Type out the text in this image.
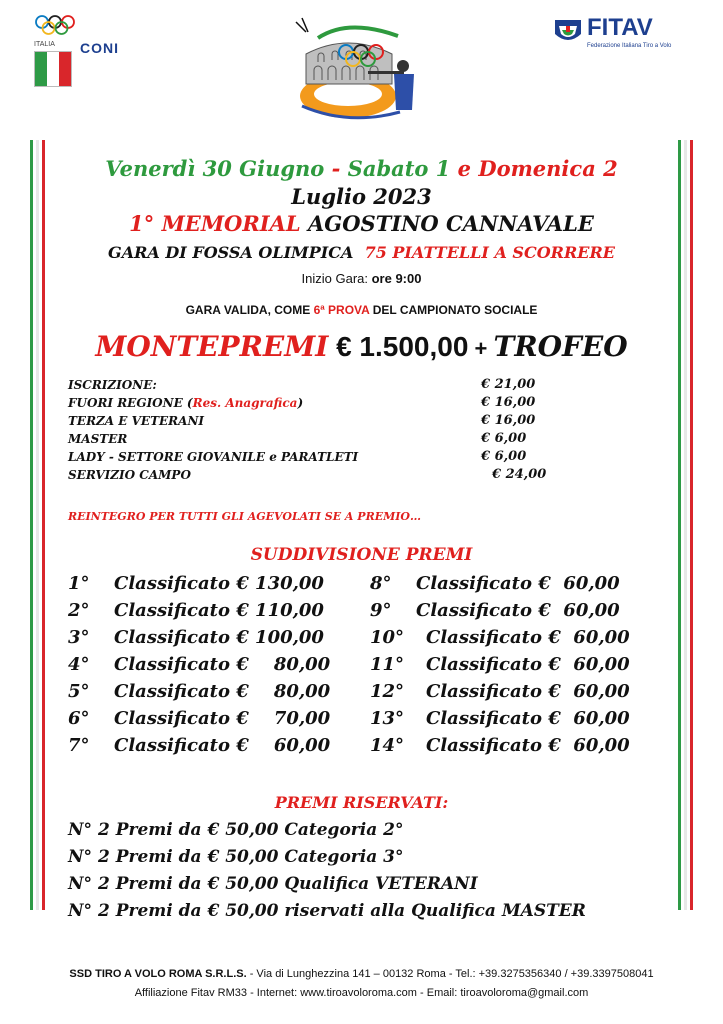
ITALIA CONI
FITAV
Federazione Italiana Tiro a Volo
Venerdì 30 Giugno - Sabato 1 e Domenica 2
Luglio 2023
1° MEMORIAL AGOSTINO CANNAVALE
GARA DI FOSSA OLIMPICA 75 PIATTELLI A SCORRERE
Inizio Gara: ore 9:00
GARA VALIDA, COME 6ª PROVA DEL CAMPIONATO SOCIALE
MONTEPREMI € 1.500,00 + TROFEO
ISCRIZIONE:	€ 21,00
FUORI REGIONE (Res. Anagrafica)	€ 16,00
TERZA E VETERANI	€ 16,00
MASTER	€ 6,00
LADY - SETTORE GIOVANILE e PARATLETI	€ 6,00
SERVIZIO CAMPO	€ 24,00
REINTEGRO PER TUTTI GLI AGEVOLATI SE A PREMIO…
SUDDIVISIONE PREMI
1° Classificato € 130,00
2° Classificato € 110,00
3° Classificato € 100,00
4° Classificato €    80,00
5° Classificato €    80,00
6° Classificato €    70,00
7° Classificato €    60,00
8° Classificato €  60,00
9° Classificato €  60,00
10° Classificato €  60,00
11° Classificato €  60,00
12° Classificato €  60,00
13° Classificato €  60,00
14° Classificato €  60,00
PREMI RISERVATI:
N° 2 Premi da € 50,00 Categoria 2°
N° 2 Premi da € 50,00 Categoria 3°
N° 2 Premi da € 50,00 Qualifica VETERANI
N° 2 Premi da € 50,00 riservati alla Qualifica MASTER
SSD TIRO A VOLO ROMA S.R.L.S. - Via di Lunghezzina 141 – 00132 Roma - Tel.: +39.3275356340 / +39.3397508041
Affiliazione Fitav RM33 - Internet: www.tiroavoloroma.com - Email: tiroavoloroma@gmail.com
